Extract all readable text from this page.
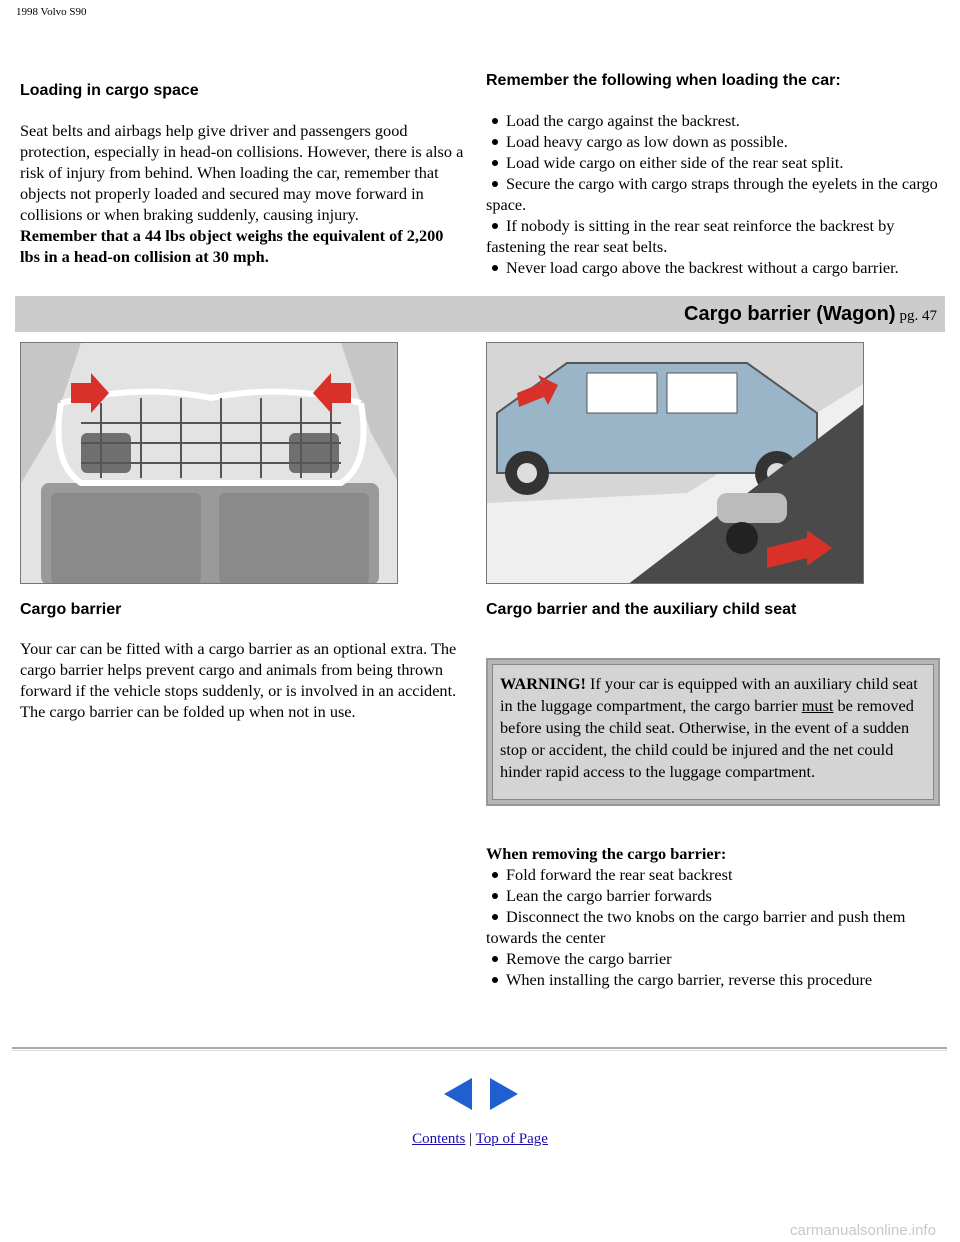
1998 Volvo S90
Loading in cargo space

Seat belts and airbags help give driver and passengers good protection, especially in head-on collisions. However, there is also a risk of injury from behind. When loading the car, remember that objects not properly loaded and secured may move forward in collisions or when braking suddenly, causing injury.

Remember that a 44 lbs object weighs the equivalent of 2,200 lbs in a head-on collision at 30 mph.

Remember the following when loading the car:
Load the cargo against the backrest.
Load heavy cargo as low down as possible.
Load wide cargo on either side of the rear seat split.
Secure the cargo with cargo straps through the eyelets in the cargo space.
If nobody is sitting in the rear seat reinforce the backrest by fastening the rear seat belts.
Never load cargo above the backrest without a cargo barrier.
Cargo barrier (Wagon) pg. 47
Cargo barrier

Your car can be fitted with a cargo barrier as an optional extra. The cargo barrier helps prevent cargo and animals from being thrown forward if the vehicle stops suddenly, or is involved in an accident. The cargo barrier can be folded up when not in use.

Cargo barrier and the auxiliary child seat
WARNING! If your car is equipped with an auxiliary child seat in the luggage compartment, the cargo barrier must be removed before using the child seat. Otherwise, in the event of a sudden stop or accident, the child could be injured and the net could hinder rapid access to the luggage compartment.
When removing the cargo barrier:
Fold forward the rear seat backrest
Lean the cargo barrier forwards
Disconnect the two knobs on the cargo barrier and push them towards the center
Remove the cargo barrier
When installing the cargo barrier, reverse this procedure
Contents | Top of Page
carmanualsonline.info
